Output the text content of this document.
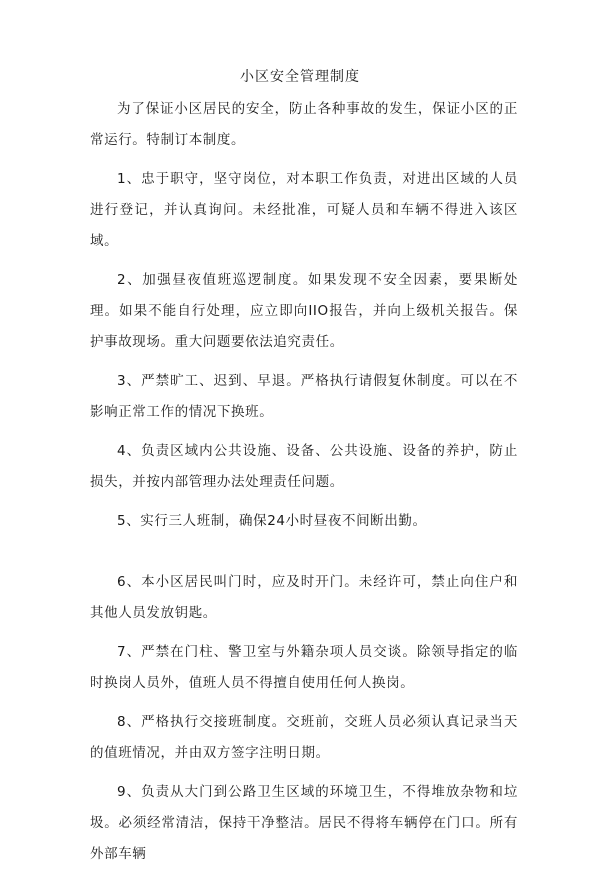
小区安全管理制度

为了保证小区居民的安全，防止各种事故的发生，保证小区的正常运行。特制订本制度。

1、忠于职守，坚守岗位，对本职工作负责，对进出区域的人员进行登记，并认真询问。未经批准，可疑人员和车辆不得进入该区域。

2、加强昼夜值班巡逻制度。如果发现不安全因素，要果断处理。如果不能自行处理，应立即向IIO报告，并向上级机关报告。保护事故现场。重大问题要依法追究责任。

3、严禁旷工、迟到、早退。严格执行请假复休制度。可以在不影响正常工作的情况下换班。

4、负责区域内公共设施、设备、公共设施、设备的养护，防止损失，并按内部管理办法处理责任问题。

5、实行三人班制，确保24小时昼夜不间断出勤。

6、本小区居民叫门时，应及时开门。未经许可，禁止向住户和其他人员发放钥匙。

7、严禁在门柱、警卫室与外籍杂项人员交谈。除领导指定的临时换岗人员外，值班人员不得擅自使用任何人换岗。

8、严格执行交接班制度。交班前，交班人员必须认真记录当天的值班情况，并由双方签字注明日期。

9、负责从大门到公路卫生区域的环境卫生，不得堆放杂物和垃圾。必须经常清洁，保持干净整洁。居民不得将车辆停在门口。所有外部车辆
